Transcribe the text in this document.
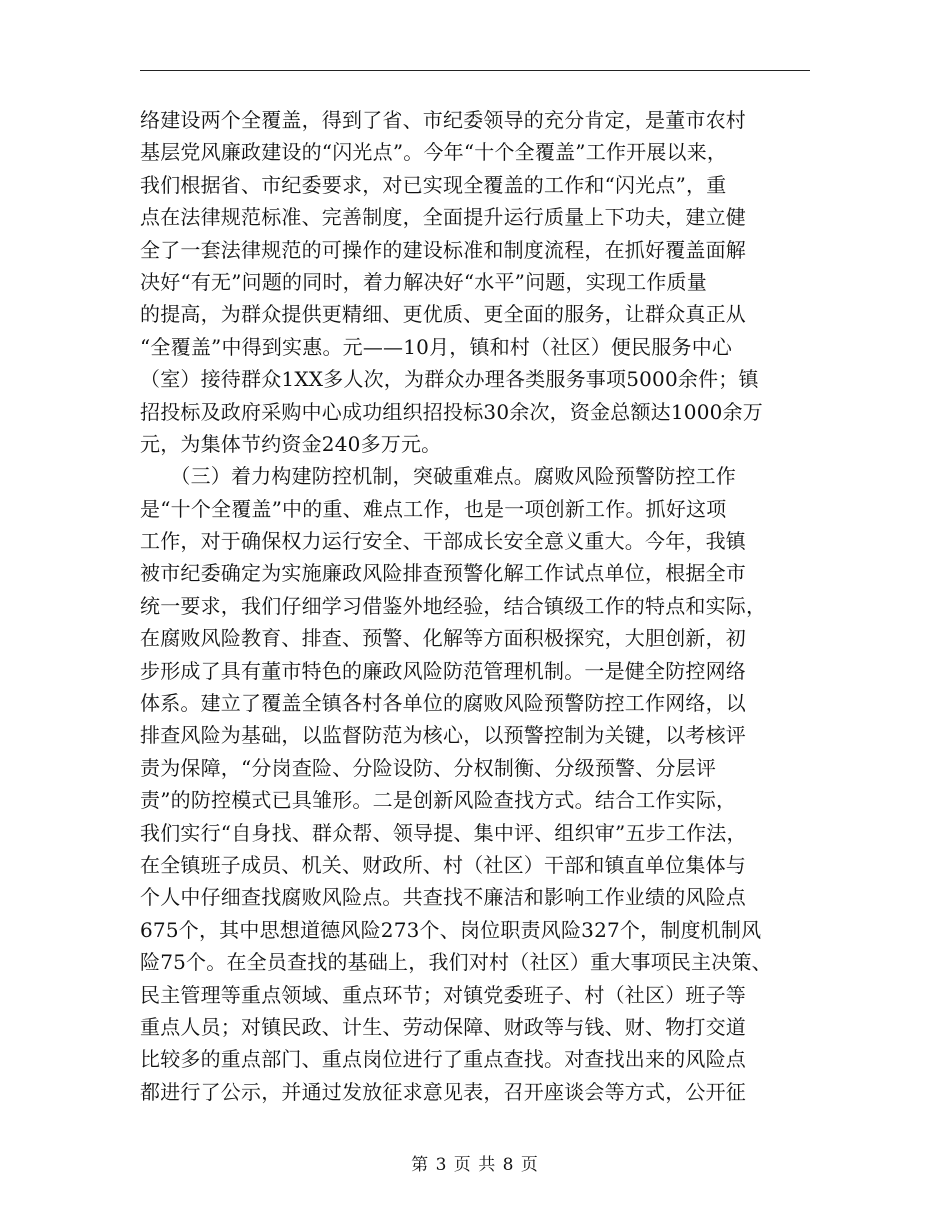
络建设两个全覆盖，得到了省、市纪委领导的充分肯定，是董市农村
基层党风廉政建设的“闪光点”。今年“十个全覆盖”工作开展以来，
我们根据省、市纪委要求，对已实现全覆盖的工作和“闪光点”，重
点在法律规范标准、完善制度，全面提升运行质量上下功夫，建立健
全了一套法律规范的可操作的建设标准和制度流程，在抓好覆盖面解
决好“有无”问题的同时，着力解决好“水平”问题，实现工作质量
的提高，为群众提供更精细、更优质、更全面的服务，让群众真正从
“全覆盖”中得到实惠。元——10月，镇和村（社区）便民服务中心
（室）接待群众1XX多人次，为群众办理各类服务事项5000余件；镇
招投标及政府采购中心成功组织招投标30余次，资金总额达1000余万
元，为集体节约资金240多万元。
　　（三）着力构建防控机制，突破重难点。腐败风险预警防控工作
是“十个全覆盖”中的重、难点工作，也是一项创新工作。抓好这项
工作，对于确保权力运行安全、干部成长安全意义重大。今年，我镇
被市纪委确定为实施廉政风险排查预警化解工作试点单位，根据全市
统一要求，我们仔细学习借鉴外地经验，结合镇级工作的特点和实际，
在腐败风险教育、排查、预警、化解等方面积极探究，大胆创新，初
步形成了具有董市特色的廉政风险防范管理机制。一是健全防控网络
体系。建立了覆盖全镇各村各单位的腐败风险预警防控工作网络，以
排查风险为基础，以监督防范为核心，以预警控制为关键，以考核评
责为保障，“分岗查险、分险设防、分权制衡、分级预警、分层评
责”的防控模式已具雏形。二是创新风险查找方式。结合工作实际，
我们实行“自身找、群众帮、领导提、集中评、组织审”五步工作法，
在全镇班子成员、机关、财政所、村（社区）干部和镇直单位集体与
个人中仔细查找腐败风险点。共查找不廉洁和影响工作业绩的风险点
675个，其中思想道德风险273个、岗位职责风险327个，制度机制风
险75个。在全员查找的基础上，我们对村（社区）重大事项民主决策、
民主管理等重点领域、重点环节；对镇党委班子、村（社区）班子等
重点人员；对镇民政、计生、劳动保障、财政等与钱、财、物打交道
比较多的重点部门、重点岗位进行了重点查找。对查找出来的风险点
都进行了公示，并通过发放征求意见表，召开座谈会等方式，公开征
第 3 页 共 8 页
